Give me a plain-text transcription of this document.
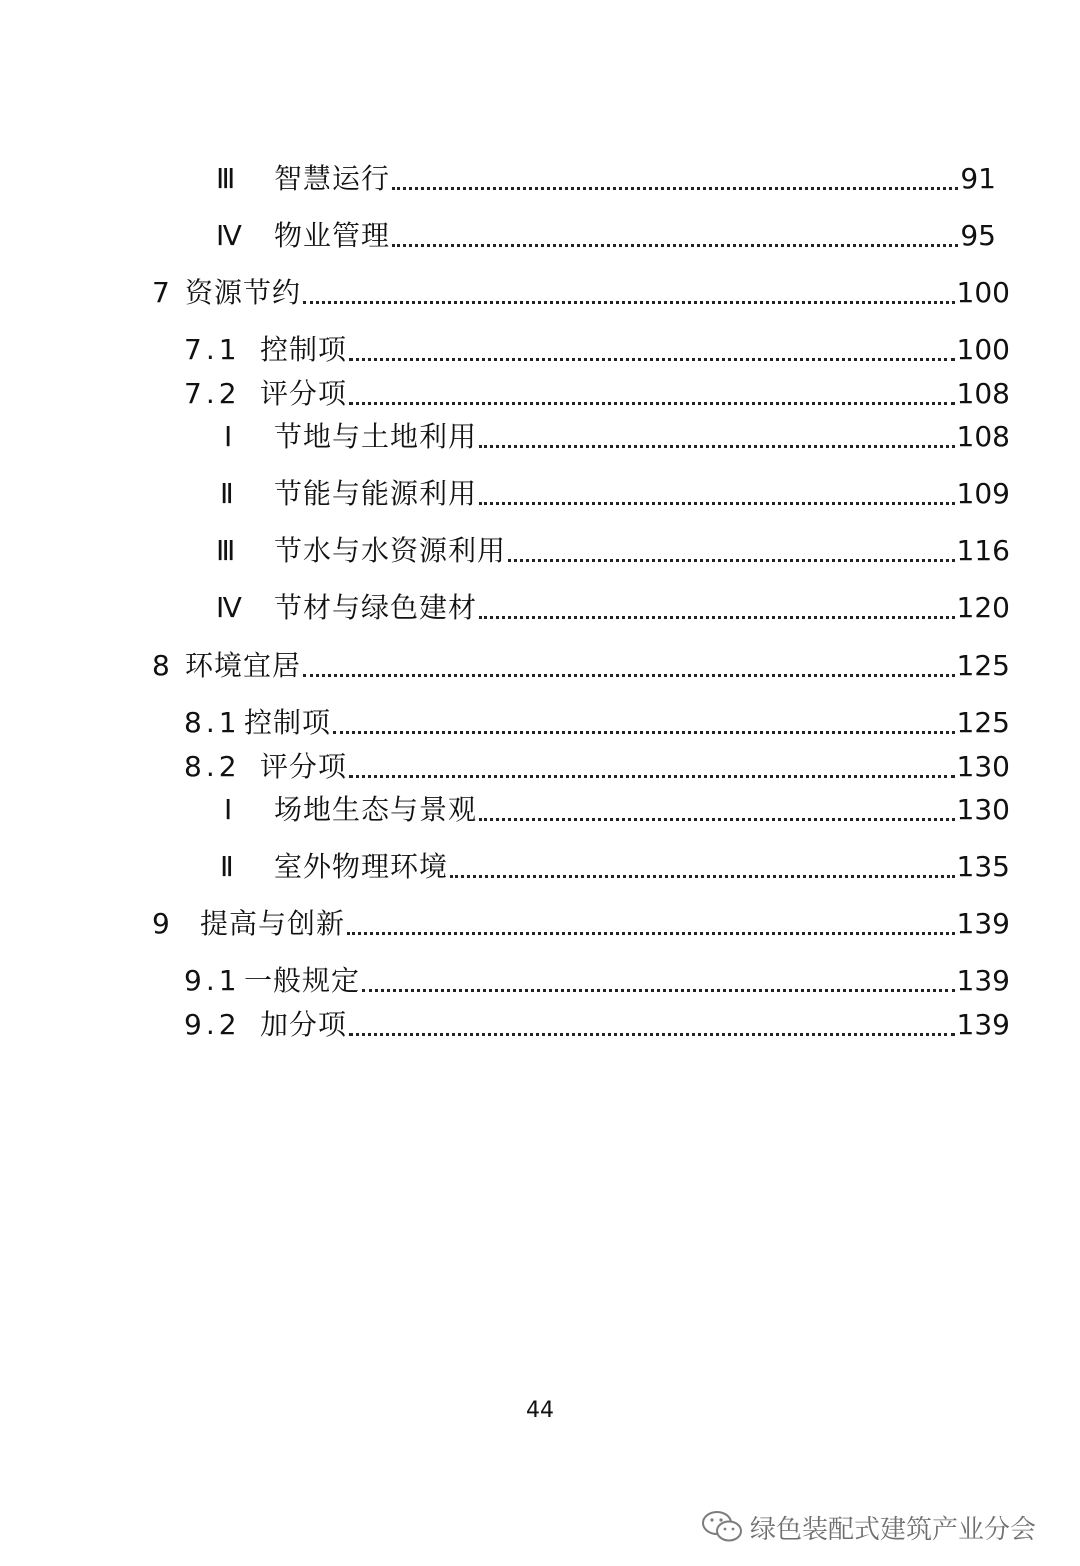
Ⅲ	智慧运行	91
Ⅳ	物业管理	95
7 资源节约	100
7.1 控制项	100
7.2 评分项	108
Ⅰ	节地与土地利用	108
Ⅱ	节能与能源利用	109
Ⅲ	节水与水资源利用	116
Ⅳ	节材与绿色建材	120
8 环境宜居	125
8.1 控制项	125
8.2 评分项	130
Ⅰ	场地生态与景观	130
Ⅱ	室外物理环境	135
9	提高与创新	139
9.1 一般规定	139
9.2 加分项	139
44
绿色装配式建筑产业分会
